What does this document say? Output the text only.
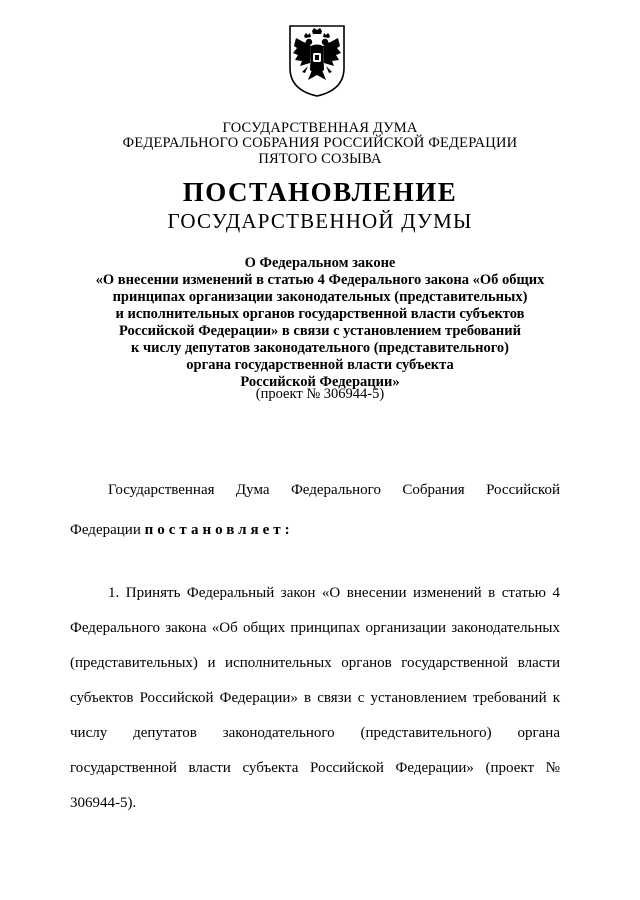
ГОСУДАРСТВЕННАЯ ДУМА
ФЕДЕРАЛЬНОГО СОБРАНИЯ РОССИЙСКОЙ ФЕДЕРАЦИИ
ПЯТОГО СОЗЫВА
ПОСТАНОВЛЕНИЕ
ГОСУДАРСТВЕННОЙ ДУМЫ
О Федеральном законе
«О внесении изменений в статью 4 Федерального закона «Об общих
принципах организации законодательных (представительных)
и исполнительных органов государственной власти субъектов
Российской Федерации» в связи с установлением требований
к числу депутатов законодательного (представительного)
органа государственной власти субъекта
Российской Федерации»
(проект № 306944-5)
Государственная Дума Федерального Собрания Российской Федерации постановляет:
1. Принять Федеральный закон «О внесении изменений в статью 4 Федерального закона «Об общих принципах организации законодательных (представительных) и исполнительных органов государственной власти субъектов Российской Федерации» в связи с установлением требований к числу депутатов законодательного (представительного) органа государственной власти субъекта Российской Федерации» (проект № 306944-5).
